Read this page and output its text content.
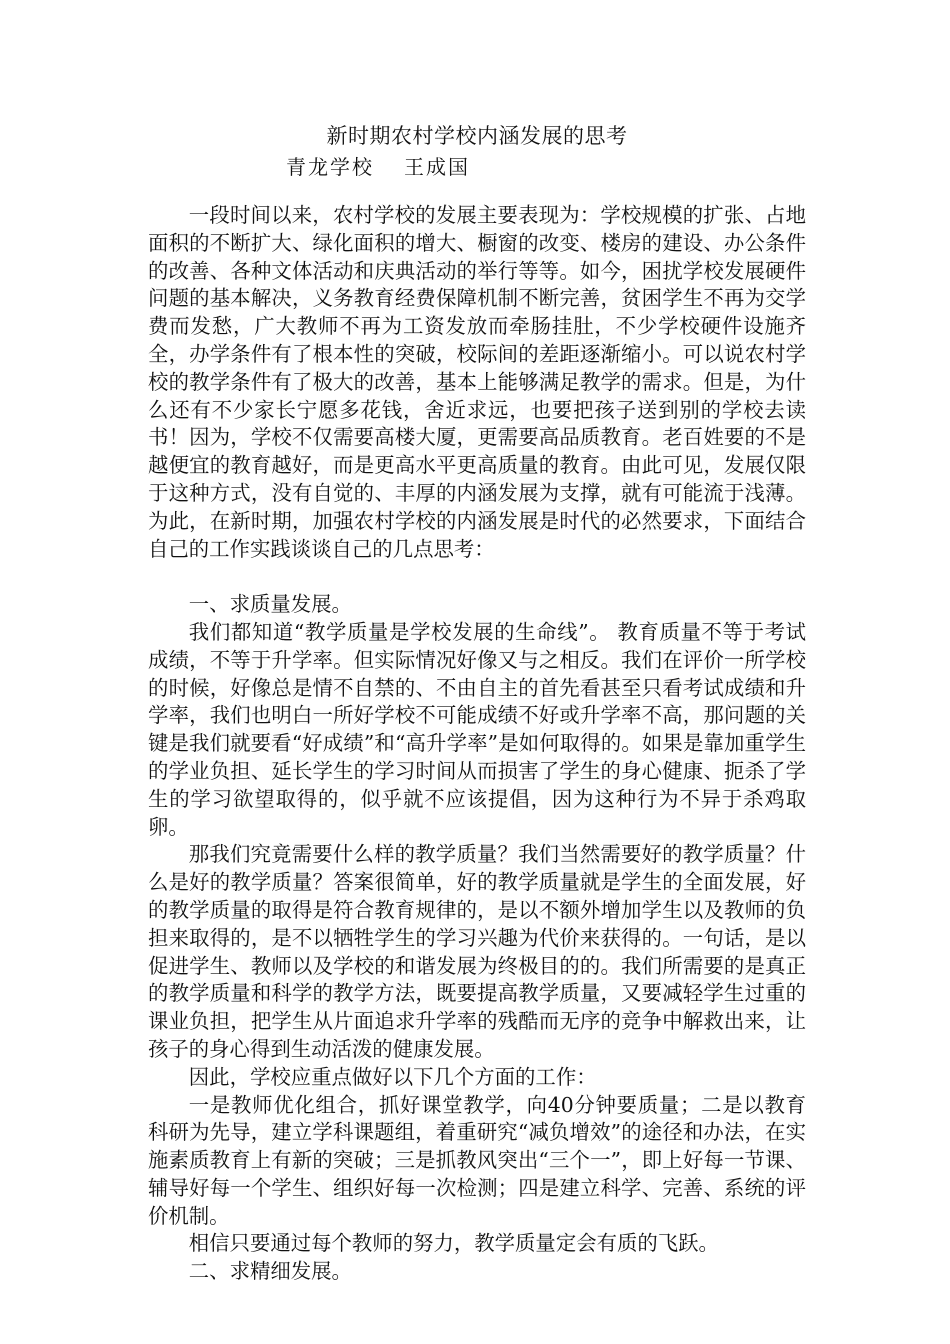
新时期农村学校内涵发展的思考
青龙学校 王成国

一段时间以来，农村学校的发展主要表现为：学校规模的扩张、占地面积的不断扩大、绿化面积的增大、橱窗的改变、楼房的建设、办公条件的改善、各种文体活动和庆典活动的举行等等。如今，困扰学校发展硬件问题的基本解决，义务教育经费保障机制不断完善，贫困学生不再为交学费而发愁，广大教师不再为工资发放而牵肠挂肚，不少学校硬件设施齐全，办学条件有了根本性的突破，校际间的差距逐渐缩小。可以说农村学校的教学条件有了极大的改善，基本上能够满足教学的需求。但是，为什么还有不少家长宁愿多花钱，舍近求远，也要把孩子送到别的学校去读书！因为，学校不仅需要高楼大厦，更需要高品质教育。老百姓要的不是越便宜的教育越好，而是更高水平更高质量的教育。由此可见，发展仅限于这种方式，没有自觉的、丰厚的内涵发展为支撑，就有可能流于浅薄。为此，在新时期，加强农村学校的内涵发展是时代的必然要求，下面结合自己的工作实践谈谈自己的几点思考：

一、求质量发展。

我们都知道“教学质量是学校发展的生命线”。 教育质量不等于考试成绩，不等于升学率。但实际情况好像又与之相反。我们在评价一所学校的时候，好像总是情不自禁的、不由自主的首先看甚至只看考试成绩和升学率，我们也明白一所好学校不可能成绩不好或升学率不高，那问题的关键是我们就要看“好成绩”和“高升学率”是如何取得的。如果是靠加重学生的学业负担、延长学生的学习时间从而损害了学生的身心健康、扼杀了学生的学习欲望取得的，似乎就不应该提倡，因为这种行为不异于杀鸡取卵。

那我们究竟需要什么样的教学质量？我们当然需要好的教学质量？什么是好的教学质量？答案很简单，好的教学质量就是学生的全面发展，好的教学质量的取得是符合教育规律的，是以不额外增加学生以及教师的负担来取得的，是不以牺牲学生的学习兴趣为代价来获得的。一句话，是以促进学生、教师以及学校的和谐发展为终极目的的。我们所需要的是真正的教学质量和科学的教学方法，既要提高教学质量，又要减轻学生过重的课业负担，把学生从片面追求升学率的残酷而无序的竞争中解救出来，让孩子的身心得到生动活泼的健康发展。

因此，学校应重点做好以下几个方面的工作：

一是教师优化组合，抓好课堂教学，向40分钟要质量；二是以教育科研为先导，建立学科课题组，着重研究“减负增效”的途径和办法，在实施素质教育上有新的突破；三是抓教风突出“三个一”，即上好每一节课、辅导好每一个学生、组织好每一次检测；四是建立科学、完善、系统的评价机制。

相信只要通过每个教师的努力，教学质量定会有质的飞跃。

二、求精细发展。
